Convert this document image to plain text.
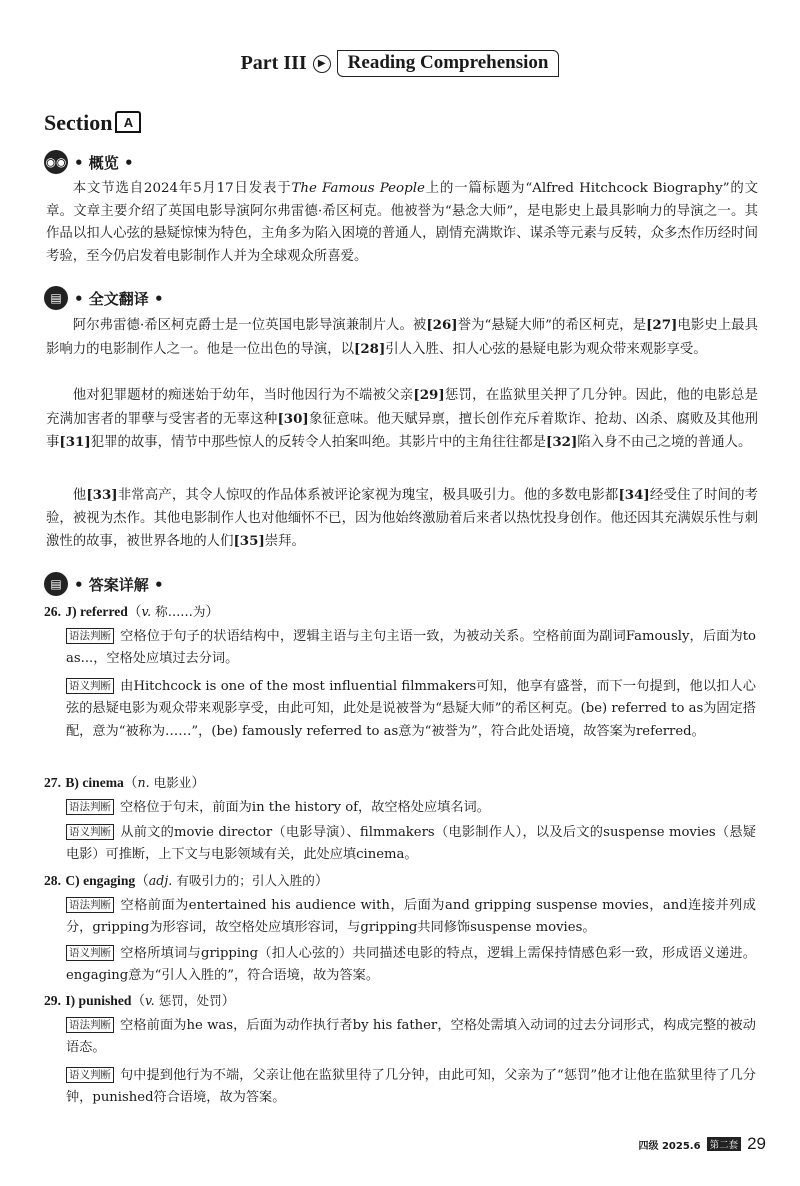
Part III	▶	Reading Comprehension
Section A
◉◉ • 概览 •
本文节选自2024年5月17日发表于The Famous People上的一篇标题为“Alfred Hitchcock Biography”的文章。文章主要介绍了英国电影导演阿尔弗雷德·希区柯克。他被誉为“悬念大师”，是电影史上最具影响力的导演之一。其作品以扣人心弦的悬疑惊悚为特色，主角多为陷入困境的普通人，剧情充满欺诈、谋杀等元素与反转，众多杰作历经时间考验，至今仍启发着电影制作人并为全球观众所喜爱。
▤ • 全文翻译 •
阿尔弗雷德·希区柯克爵士是一位英国电影导演兼制片人。被[26]誉为“悬疑大师”的希区柯克，是[27]电影史上最具影响力的电影制作人之一。他是一位出色的导演，以[28]引人入胜、扣人心弦的悬疑电影为观众带来观影享受。
他对犯罪题材的痴迷始于幼年，当时他因行为不端被父亲[29]惩罚，在监狱里关押了几分钟。因此，他的电影总是充满加害者的罪孽与受害者的无辜这种[30]象征意味。他天赋异禀，擅长创作充斥着欺诈、抢劫、凶杀、腐败及其他刑事[31]犯罪的故事，情节中那些惊人的反转令人拍案叫绝。其影片中的主角往往都是[32]陷入身不由己之境的普通人。
他[33]非常高产，其令人惊叹的作品体系被评论家视为瑰宝，极具吸引力。他的多数电影都[34]经受住了时间的考验，被视为杰作。其他电影制作人也对他缅怀不已，因为他始终激励着后来者以热忱投身创作。他还因其充满娱乐性与刺激性的故事，被世界各地的人们[35]崇拜。
▤ • 答案详解 •
26. J) referred（v. 称……为）
语法判断 空格位于句子的状语结构中，逻辑主语与主句主语一致，为被动关系。空格前面为副词Famously，后面为to as...，空格处应填过去分词。
语义判断 由Hitchcock is one of the most influential filmmakers可知，他享有盛誉，而下一句提到，他以扣人心弦的悬疑电影为观众带来观影享受，由此可知，此处是说被誉为“悬疑大师”的希区柯克。(be) referred to as为固定搭配，意为“被称为……”，(be) famously referred to as意为“被誉为”，符合此处语境，故答案为referred。
27. B) cinema（n. 电影业）
语法判断 空格位于句末，前面为in the history of，故空格处应填名词。
语义判断 从前文的movie director（电影导演）、filmmakers（电影制作人），以及后文的suspense movies（悬疑电影）可推断，上下文与电影领域有关，此处应填cinema。
28. C) engaging（adj. 有吸引力的；引人入胜的）
语法判断 空格前面为entertained his audience with，后面为and gripping suspense movies，and连接并列成分，gripping为形容词，故空格处应填形容词，与gripping共同修饰suspense movies。
语义判断 空格所填词与gripping（扣人心弦的）共同描述电影的特点，逻辑上需保持情感色彩一致，形成语义递进。engaging意为“引人入胜的”，符合语境，故为答案。
29. I) punished（v. 惩罚，处罚）
语法判断 空格前面为he was，后面为动作执行者by his father，空格处需填入动词的过去分词形式，构成完整的被动语态。
语义判断 句中提到他行为不端，父亲让他在监狱里待了几分钟，由此可知，父亲为了“惩罚”他才让他在监狱里待了几分钟，punished符合语境，故为答案。
四级 2025.6 第二套 29
